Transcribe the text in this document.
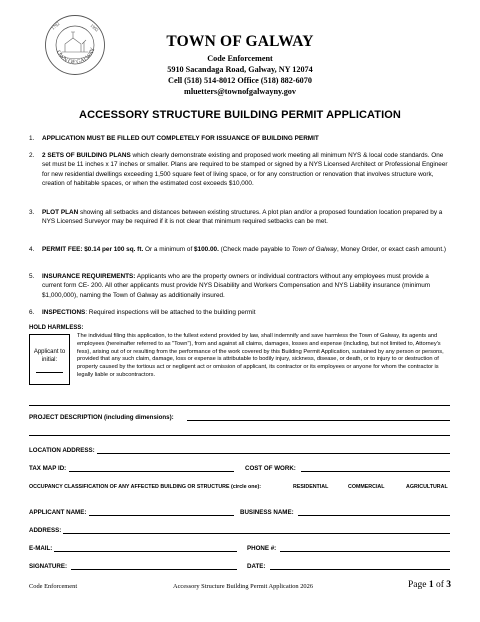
OWN OF GALWAY
1792	1992
TOWN OF GALWAY
Code Enforcement
5910 Sacandaga Road, Galway, NY 12074
Cell (518) 514-8012 Office (518) 882-6070
mluetters@townofgalwayny.gov
ACCESSORY STRUCTURE BUILDING PERMIT APPLICATION
1. APPLICATION MUST BE FILLED OUT COMPLETELY FOR ISSUANCE OF BUILDING PERMIT
2. 2 SETS OF BUILDING PLANS which clearly demonstrate existing and proposed work meeting all minimum NYS & local code standards. One set must be 11 inches x 17 inches or smaller. Plans are required to be stamped or signed by a NYS Licensed Architect or Professional Engineer for new residential dwellings exceeding 1,500 square feet of living space, or for any construction or renovation that involves structure work, creation of habitable spaces, or when the estimated cost exceeds $10,000.
3. PLOT PLAN showing all setbacks and distances between existing structures. A plot plan and/or a proposed foundation location prepared by a NYS Licensed Surveyor may be required if it is not clear that minimum required setbacks can be met.
4. PERMIT FEE: $0.14 per 100 sq. ft. Or a minimum of $100.00. (Check made payable to Town of Galway, Money Order, or exact cash amount.)
5. INSURANCE REQUIREMENTS: Applicants who are the property owners or individual contractors without any employees must provide a current form CE- 200. All other applicants must provide NYS Disability and Workers Compensation and NYS Liability insurance (minimum $1,000,000), naming the Town of Galway as additionally insured.
6. INSPECTIONS: Required inspections will be attached to the building permit
HOLD HARMLESS:
Applicant to initial:
The individual filing this application, to the fullest extend provided by law, shall indemnify and save harmless the Town of Galway, its agents and employees (hereinafter referred to as "Town"), from and against all claims, damages, losses and expense (including, but not limited to, Attorney's fess), arising out of or resulting from the performance of the work covered by this Building Permit Application, sustained by any person or persons, provided that any such claim, damage, loss or expense is attributable to bodily injury, sickness, disease, or death, or to injury to or destruction of property caused by the tortious act or negligent act or omission of applicant, its contractor or its employees or anyone for whom the contractor is legally liable or subcontractors.
PROJECT DESCRIPTION (including dimensions):
LOCATION ADDRESS:
TAX MAP ID:	COST OF WORK:
OCCUPANCY CLASSIFICATION OF ANY AFFECTED BUILDING OR STRUCTURE (circle one):	RESIDENTIAL	COMMERCIAL	AGRICULTURAL
APPLICANT NAME:	BUSINESS NAME:
ADDRESS:
E-MAIL:	PHONE #:
SIGNATURE:	DATE:
Code Enforcement	Accessory Structure Building Permit Application 2026	Page 1 of 3
